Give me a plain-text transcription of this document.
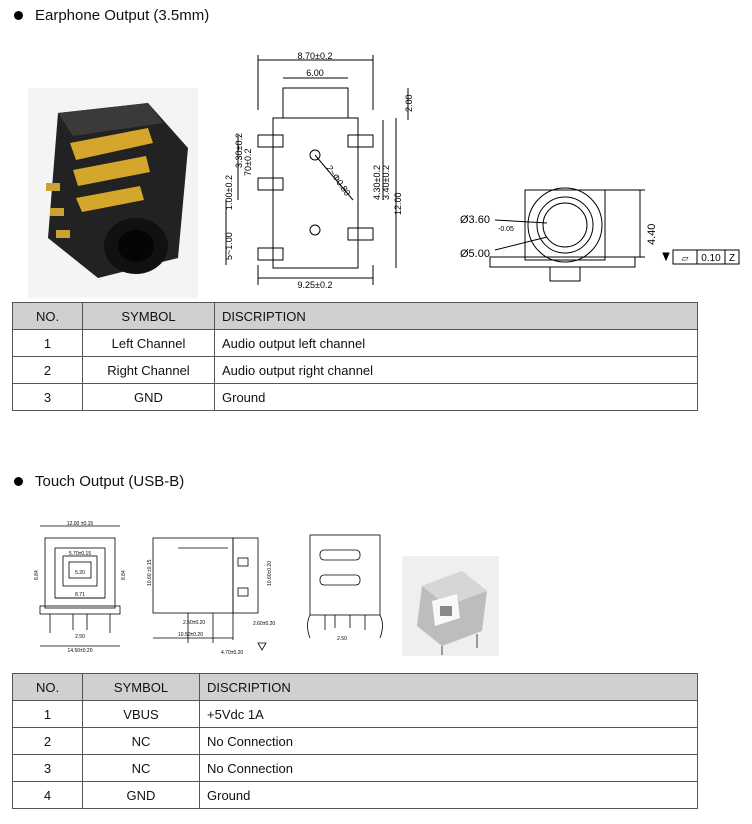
Earphone Output (3.5mm)
8.70±0.2
6.00
9.25±0.2
2.00
12.00
3.40±0.2
4.30±0.2
3.30±0.2 70±0.2
1.00±0.2
5~1.00
2~Φ0.80
Ø3.60
-0.05
Ø5.00
4.40
▱ 0.10 Z
NO.	SYMBOL	DISCRIPTION
1	Left Channel	Audio output left channel
2	Right Channel	Audio output right channel
3	GND	Ground
Touch Output (USB-B)
12.00 ±0.15
5.70±0.15
8.84	8.84
8.71
5.20
2.50
14.50±0.20
10.60 ±0.15	10.60±0.20
2.50±0.20	2.60±0.20
10.50±0.20
4.70±0.20
2.50
NO.	SYMBOL	DISCRIPTION
1	VBUS	+5Vdc 1A
2	NC	No Connection
3	NC	No Connection
4	GND	Ground
